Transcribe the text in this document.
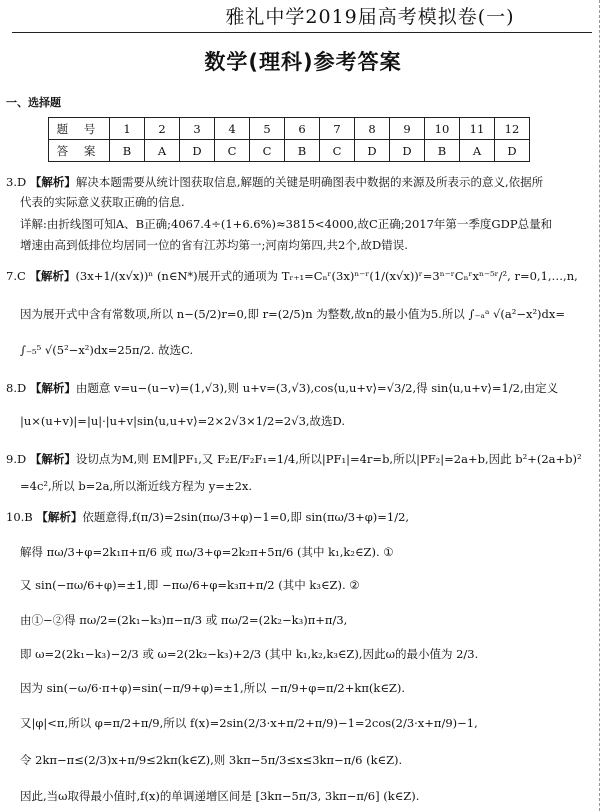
雅礼中学2019届高考模拟卷(一)
数学(理科)参考答案
一、选择题
题 号	1	2	3	4	5	6	7	8	9	10	11	12
答 案	B	A	D	C	C	B	C	D	D	B	A	D
3.D 【解析】解决本题需要从统计图获取信息,解题的关键是明确图表中数据的来源及所表示的意义,依据所
代表的实际意义获取正确的信息.
详解:由折线图可知A、B正确;4067.4÷(1+6.6%)≈3815<4000,故C正确;2017年第一季度GDP总量和
增速由高到低排位均居同一位的省有江苏均第一;河南均第四,共2个,故D错误.
7.C 【解析】(3x+1/(x√x))ⁿ (n∈N*)展开式的通项为 Tᵣ₊₁=Cₙʳ(3x)ⁿ⁻ʳ(1/(x√x))ʳ=3ⁿ⁻ʳCₙʳxⁿ⁻⁵ʳ/², r=0,1,…,n,
因为展开式中含有常数项,所以 n−(5/2)r=0,即 r=(2/5)n 为整数,故n的最小值为5.所以 ∫₋ₐᵃ √(a²−x²)dx=
∫₋₅⁵ √(5²−x²)dx=25π/2. 故选C.
8.D 【解析】由题意 v=u−(u−v)=(1,√3),则 u+v=(3,√3),cos⟨u,u+v⟩=√3/2,得 sin⟨u,u+v⟩=1/2,由定义
|u×(u+v)|=|u|·|u+v|sin⟨u,u+v⟩=2×2√3×1/2=2√3,故选D.
9.D 【解析】设切点为M,则 EM∥PF₁,又 F₂E/F₂F₁=1/4,所以|PF₁|=4r=b,所以|PF₂|=2a+b,因此 b²+(2a+b)²
=4c²,所以 b=2a,所以渐近线方程为 y=±2x.
10.B 【解析】依题意得,f(π/3)=2sin(πω/3+φ)−1=0,即 sin(πω/3+φ)=1/2,
解得 πω/3+φ=2k₁π+π/6 或 πω/3+φ=2k₂π+5π/6 (其中 k₁,k₂∈Z). ①
又 sin(−πω/6+φ)=±1,即 −πω/6+φ=k₃π+π/2 (其中 k₃∈Z). ②
由①−②得 πω/2=(2k₁−k₃)π−π/3 或 πω/2=(2k₂−k₃)π+π/3,
即 ω=2(2k₁−k₃)−2/3 或 ω=2(2k₂−k₃)+2/3 (其中 k₁,k₂,k₃∈Z),因此ω的最小值为 2/3.
因为 sin(−ω/6·π+φ)=sin(−π/9+φ)=±1,所以 −π/9+φ=π/2+kπ(k∈Z).
又|φ|<π,所以 φ=π/2+π/9,所以 f(x)=2sin(2/3·x+π/2+π/9)−1=2cos(2/3·x+π/9)−1,
令 2kπ−π≤(2/3)x+π/9≤2kπ(k∈Z),则 3kπ−5π/3≤x≤3kπ−π/6 (k∈Z).
因此,当ω取得最小值时,f(x)的单调递增区间是 [3kπ−5π/3, 3kπ−π/6] (k∈Z).
